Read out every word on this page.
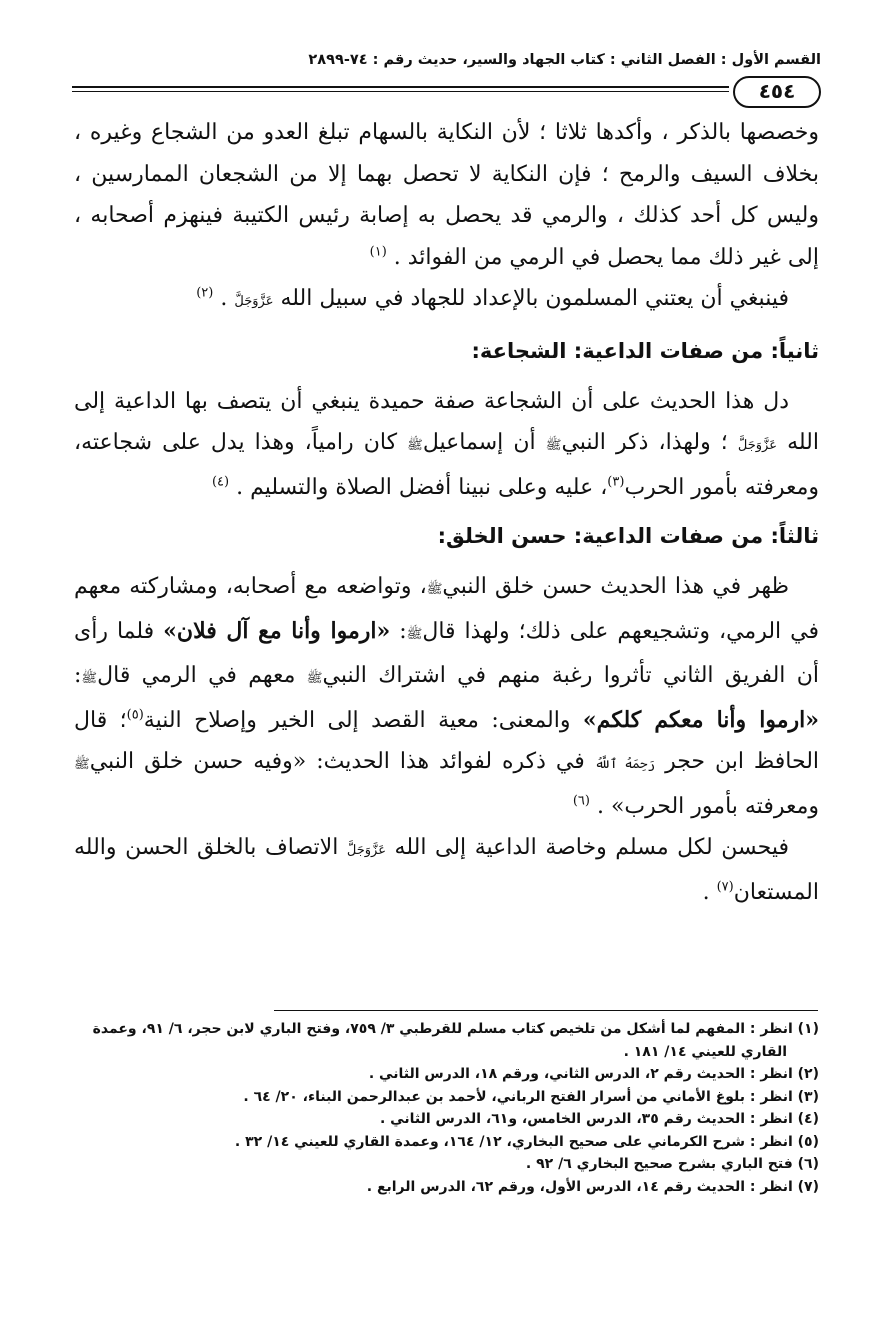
القسم الأول : الفصل الثاني : كتاب الجهاد والسير، حديث رقم : ٧٤-٢٨٩٩
٤٥٤

وخصصها بالذكر ، وأكدها ثلاثا ؛ لأن النكاية بالسهام تبلغ العدو من الشجاع وغيره ، بخلاف السيف والرمح ؛ فإن النكاية لا تحصل بهما إلا من الشجعان الممارسين ، وليس كل أحد كذلك ، والرمي قد يحصل به إصابة رئيس الكتيبة فينهزم أصحابه ، إلى غير ذلك مما يحصل في الرمي من الفوائد . $^{(١)}$

فينبغي أن يعتني المسلمون بالإعداد للجهاد في سبيل الله عَزَّوَجَلَّ . $^{(٢)}$

ثانياً: من صفات الداعية: الشجاعة:

دل هذا الحديث على أن الشجاعة صفة حميدة ينبغي أن يتصف بها الداعية إلى الله عَزَّوَجَلَّ ؛ ولهذا، ذكر النبيﷺ أن إسماعيلﷺ كان رامياً، وهذا يدل على شجاعته، ومعرفته بأمور الحرب$^{(٣)}$، عليه وعلى نبينا أفضل الصلاة والتسليم . $^{(٤)}$

ثالثاً: من صفات الداعية: حسن الخلق:

ظهر في هذا الحديث حسن خلق النبيﷺ، وتواضعه مع أصحابه، ومشاركته معهم في الرمي، وتشجيعهم على ذلك؛ ولهذا قالﷺ: «ارموا وأنا مع آل فلان» فلما رأى أن الفريق الثاني تأثروا رغبة منهم في اشتراك النبيﷺ معهم في الرمي قالﷺ: «ارموا وأنا معكم كلكم» والمعنى: معية القصد إلى الخير وإصلاح النية$^{(٥)}$؛ قال الحافظ ابن حجر رَحِمَهُ ٱللَّهُ في ذكره لفوائد هذا الحديث: «وفيه حسن خلق النبيﷺ ومعرفته بأمور الحرب» . $^{(٦)}$

فيحسن لكل مسلم وخاصة الداعية إلى الله عَزَّوَجَلَّ الاتصاف بالخلق الحسن والله المستعان$^{(٧)}$ .

(١) انظر : المفهم لما أشكل من تلخيص كتاب مسلم للقرطبي ٣/ ٧٥٩، وفتح الباري لابن حجر، ٦/ ٩١، وعمدة القاري للعيني ١٤/ ١٨١ .
(٢) انظر : الحديث رقم ٢، الدرس الثاني، ورقم ١٨، الدرس الثاني .
(٣) انظر : بلوغ الأماني من أسرار الفتح الرباني، لأحمد بن عبدالرحمن البناء، ٢٠/ ٦٤ .
(٤) انظر : الحديث رقم ٣٥، الدرس الخامس، و٦١، الدرس الثاني .
(٥) انظر : شرح الكرماني على صحيح البخاري، ١٢/ ١٦٤، وعمدة القاري للعيني ١٤/ ٣٢ .
(٦) فتح الباري بشرح صحيح البخاري ٦/ ٩٢ .
(٧) انظر : الحديث رقم ١٤، الدرس الأول، ورقم ٦٢، الدرس الرابع .
